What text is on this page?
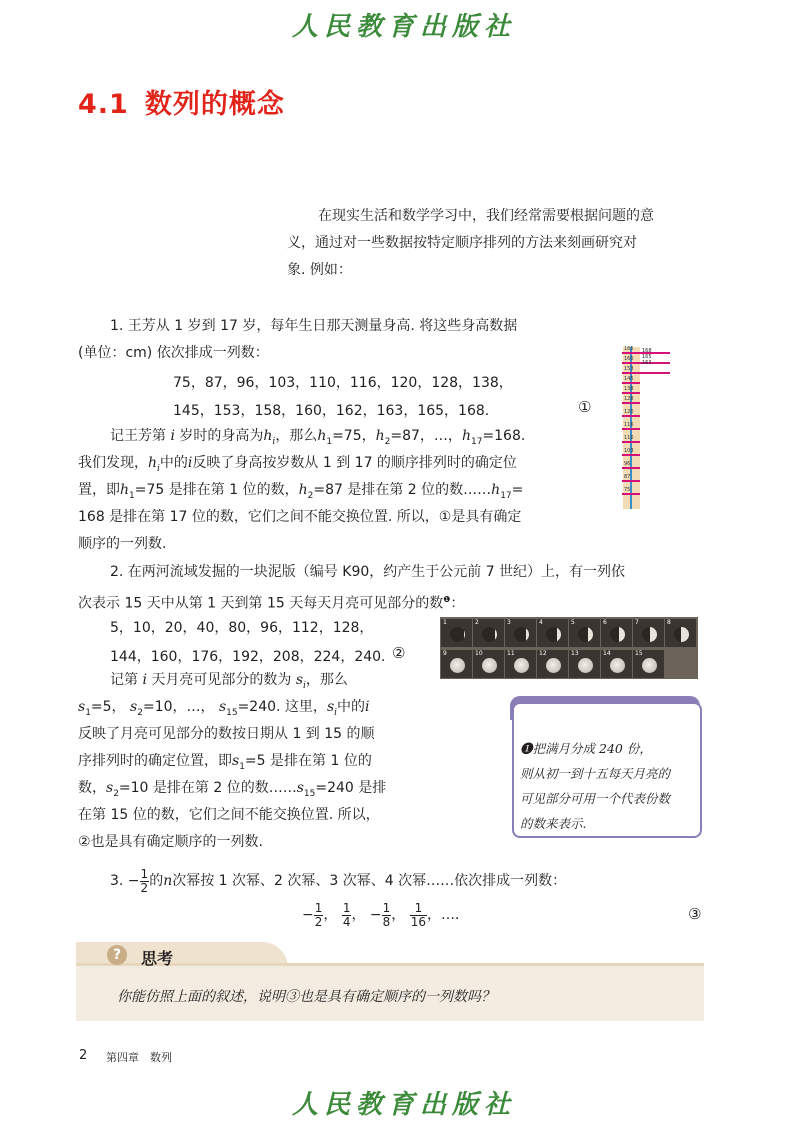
人民教育出版社
4.1 数列的概念
在现实生活和数学学习中，我们经常需要根据问题的意
义，通过对一些数据按特定顺序排列的方法来刻画研究对
象. 例如：
1. 王芳从 1 岁到 17 岁，每年生日那天测量身高. 将这些身高数据
(单位：cm) 依次排成一列数：
75，87，96，103，110，116，120，128，138，
145，153，158，160，162，163，165，168.	①
记王芳第 i 岁时的身高为$h_i$，那么$h_1=75$，$h_2=87$，…，$h_{17}=168$.
我们发现，$h_i$中的i反映了身高按岁数从 1 到 17 的顺序排列时的确定位
置，即$h_1=75$ 是排在第 1 位的数，$h_2=87$ 是排在第 2 位的数$\dots\dots h_{17}=$
168 是排在第 17 位的数，它们之间不能交换位置. 所以，①是具有确定
顺序的一列数.
165
160
153
145
138
128
120
116
110
103
96
87
75
168
165
163
2. 在两河流域发掘的一块泥版（编号 K90，约产生于公元前 7 世纪）上，有一列依
次表示 15 天中从第 1 天到第 15 天每天月亮可见部分的数$^❶$：
5，10，20，40，80，96，112，128，
144，160，176，192，208，224，240. ②
记第 i 天月亮可见部分的数为 $s_i$，那么
$s_1=5$， $s_2=10$，…， $s_{15}=240$. 这里，$s_i$中的i
反映了月亮可见部分的数按日期从 1 到 15 的顺
序排列时的确定位置，即$s_1=5$ 是排在第 1 位的
数，$s_2=10$ 是排在第 2 位的数$\dots\dots s_{15}=240$ 是排
在第 15 位的数，它们之间不能交换位置. 所以，
②也是具有确定顺序的一列数.
1	2	3	4	5	6	7	8
9	10	11	12	13	14	15
❶把满月分成 240 份，
则从初一到十五每天月亮的
可见部分可用一个代表份数
的数来表示.
3. − $\frac{1}{2}$ 的n次幂按 1 次幂、2 次幂、3 次幂、4 次幂……依次排成一列数：
− $\frac{1}{2}$ ， $\frac{1}{4}$ ， − $\frac{1}{8}$ ， $\frac{1}{16}$ ，…．	③
?	思考
你能仿照上面的叙述，说明③也是具有确定顺序的一列数吗？
2 第四章　数列
人民教育出版社
